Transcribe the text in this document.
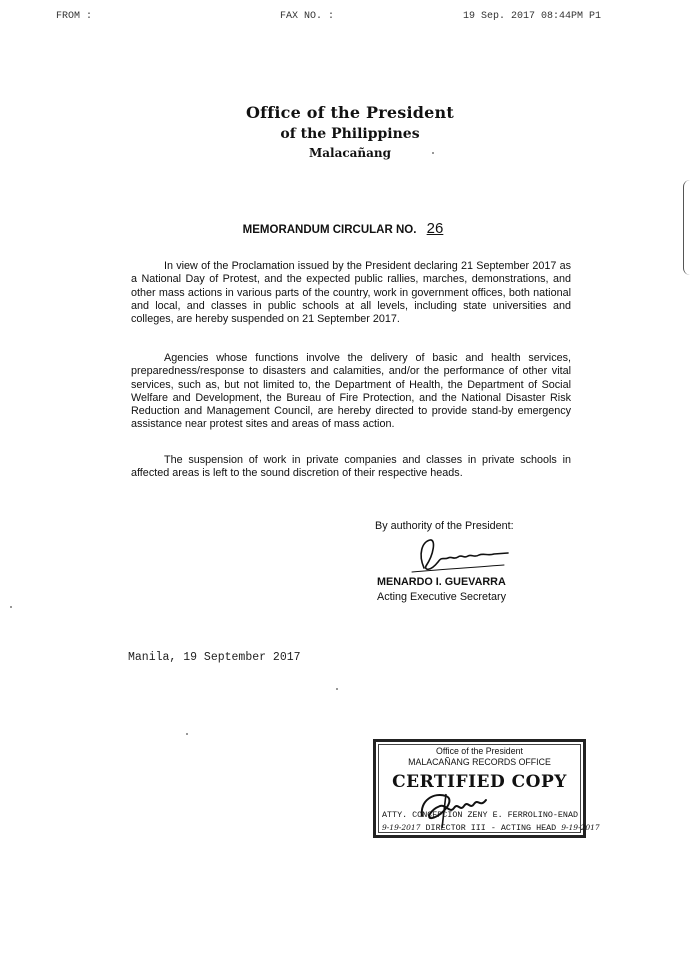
FROM :	FAX NO. :	19 Sep. 2017 08:44PM P1
Office of the President
of the Philippines
Malacañang
MEMORANDUM CIRCULAR NO. 26
In view of the Proclamation issued by the President declaring 21 September 2017 as a National Day of Protest, and the expected public rallies, marches, demonstrations, and other mass actions in various parts of the country, work in government offices, both national and local, and classes in public schools at all levels, including state universities and colleges, are hereby suspended on 21 September 2017.
Agencies whose functions involve the delivery of basic and health services, preparedness/response to disasters and calamities, and/or the performance of other vital services, such as, but not limited to, the Department of Health, the Department of Social Welfare and Development, the Bureau of Fire Protection, and the National Disaster Risk Reduction and Management Council, are hereby directed to provide stand-by emergency assistance near protest sites and areas of mass action.
The suspension of work in private companies and classes in private schools in affected areas is left to the sound discretion of their respective heads.
By authority of the President:
MENARDO I. GUEVARRA
Acting Executive Secretary
Manila, 19 September 2017
Office of the President
MALACAÑANG RECORDS OFFICE
CERTIFIED COPY
ATTY. CONCEPCION ZENY E. FERROLINO-ENAD
9-19-2017 DIRECTOR III - ACTING HEAD 9-19-2017
